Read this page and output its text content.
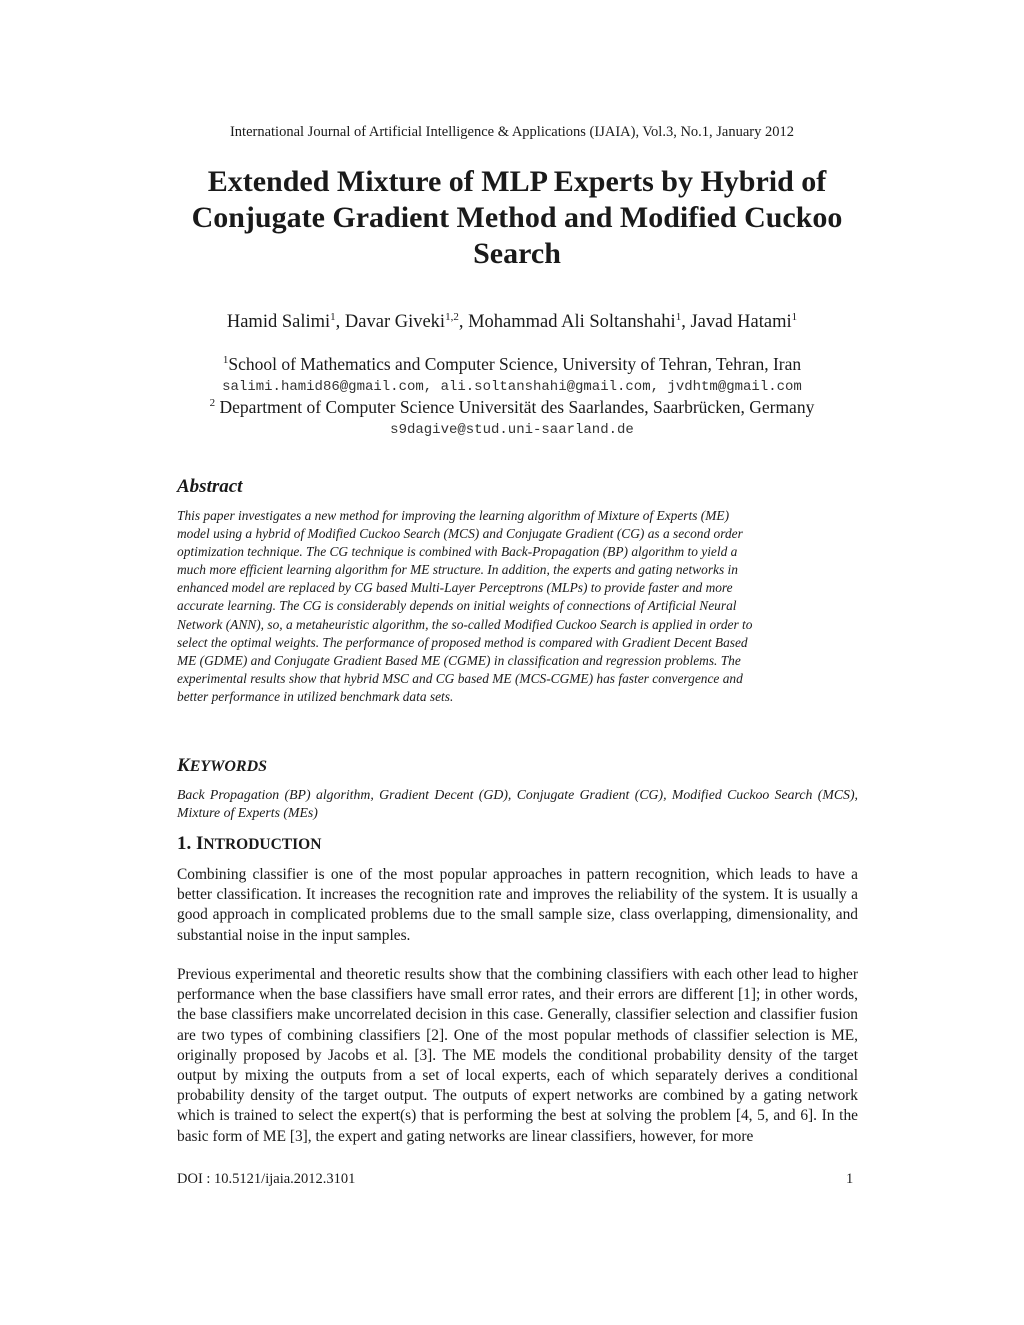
International Journal of Artificial Intelligence & Applications (IJAIA), Vol.3, No.1, January 2012
Extended Mixture of MLP Experts by Hybrid of
Conjugate Gradient Method and Modified Cuckoo
Search
Hamid Salimi$^1$, Davar Giveki$^{1,2}$, Mohammad Ali Soltanshahi$^1$, Javad Hatami$^1$
$^1$School of Mathematics and Computer Science, University of Tehran, Tehran, Iran
salimi.hamid86@gmail.com, ali.soltanshahi@gmail.com, jvdhtm@gmail.com
$^2$ Department of Computer Science Universität des Saarlandes, Saarbrücken, Germany
s9dagive@stud.uni-saarland.de
Abstract
This paper investigates a new method for improving the learning algorithm of Mixture of Experts (ME)
model using a hybrid of Modified Cuckoo Search (MCS) and Conjugate Gradient (CG) as a second order
optimization technique. The CG technique is combined with Back-Propagation (BP) algorithm to yield a
much more efficient learning algorithm for ME structure. In addition, the experts and gating networks in
enhanced model are replaced by CG based Multi-Layer Perceptrons (MLPs) to provide faster and more
accurate learning. The CG is considerably depends on initial weights of connections of Artificial Neural
Network (ANN), so, a metaheuristic algorithm, the so-called Modified Cuckoo Search is applied in order to
select the optimal weights. The performance of proposed method is compared with Gradient Decent Based
ME (GDME) and Conjugate Gradient Based ME (CGME) in classification and regression problems. The
experimental results show that hybrid MSC and CG based ME (MCS-CGME) has faster convergence and
better performance in utilized benchmark data sets.
KEYWORDS
Back Propagation (BP) algorithm, Gradient Decent (GD), Conjugate Gradient (CG), Modified Cuckoo Search (MCS), Mixture of Experts (MEs)
1. INTRODUCTION
Combining classifier is one of the most popular approaches in pattern recognition, which leads to have a better classification. It increases the recognition rate and improves the reliability of the system. It is usually a good approach in complicated problems due to the small sample size, class overlapping, dimensionality, and substantial noise in the input samples.
Previous experimental and theoretic results show that the combining classifiers with each other lead to higher performance when the base classifiers have small error rates, and their errors are different [1]; in other words, the base classifiers make uncorrelated decision in this case. Generally, classifier selection and classifier fusion are two types of combining classifiers [2]. One of the most popular methods of classifier selection is ME, originally proposed by Jacobs et al. [3]. The ME models the conditional probability density of the target output by mixing the outputs from a set of local experts, each of which separately derives a conditional probability density of the target output. The outputs of expert networks are combined by a gating network which is trained to select the expert(s) that is performing the best at solving the problem [4, 5, and 6]. In the basic form of ME [3], the expert and gating networks are linear classifiers, however, for more
DOI : 10.5121/ijaia.2012.3101	1
